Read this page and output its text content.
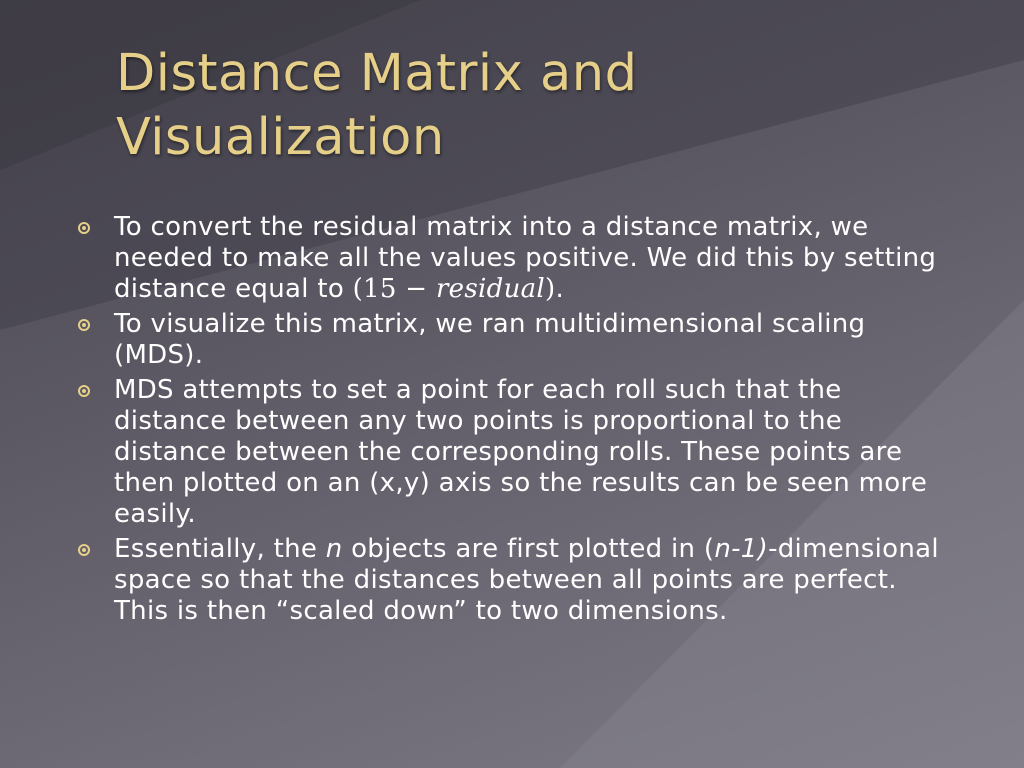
Distance Matrix and
Visualization
To convert the residual matrix into a distance matrix, we needed to make all the values positive. We did this by setting distance equal to (15 − residual).
To visualize this matrix, we ran multidimensional scaling (MDS).
MDS attempts to set a point for each roll such that the distance between any two points is proportional to the distance between the corresponding rolls. These points are then plotted on an (x,y) axis so the results can be seen more easily.
Essentially, the n objects are first plotted in (n-1)-dimensional space so that the distances between all points are perfect. This is then “scaled down” to two dimensions.
